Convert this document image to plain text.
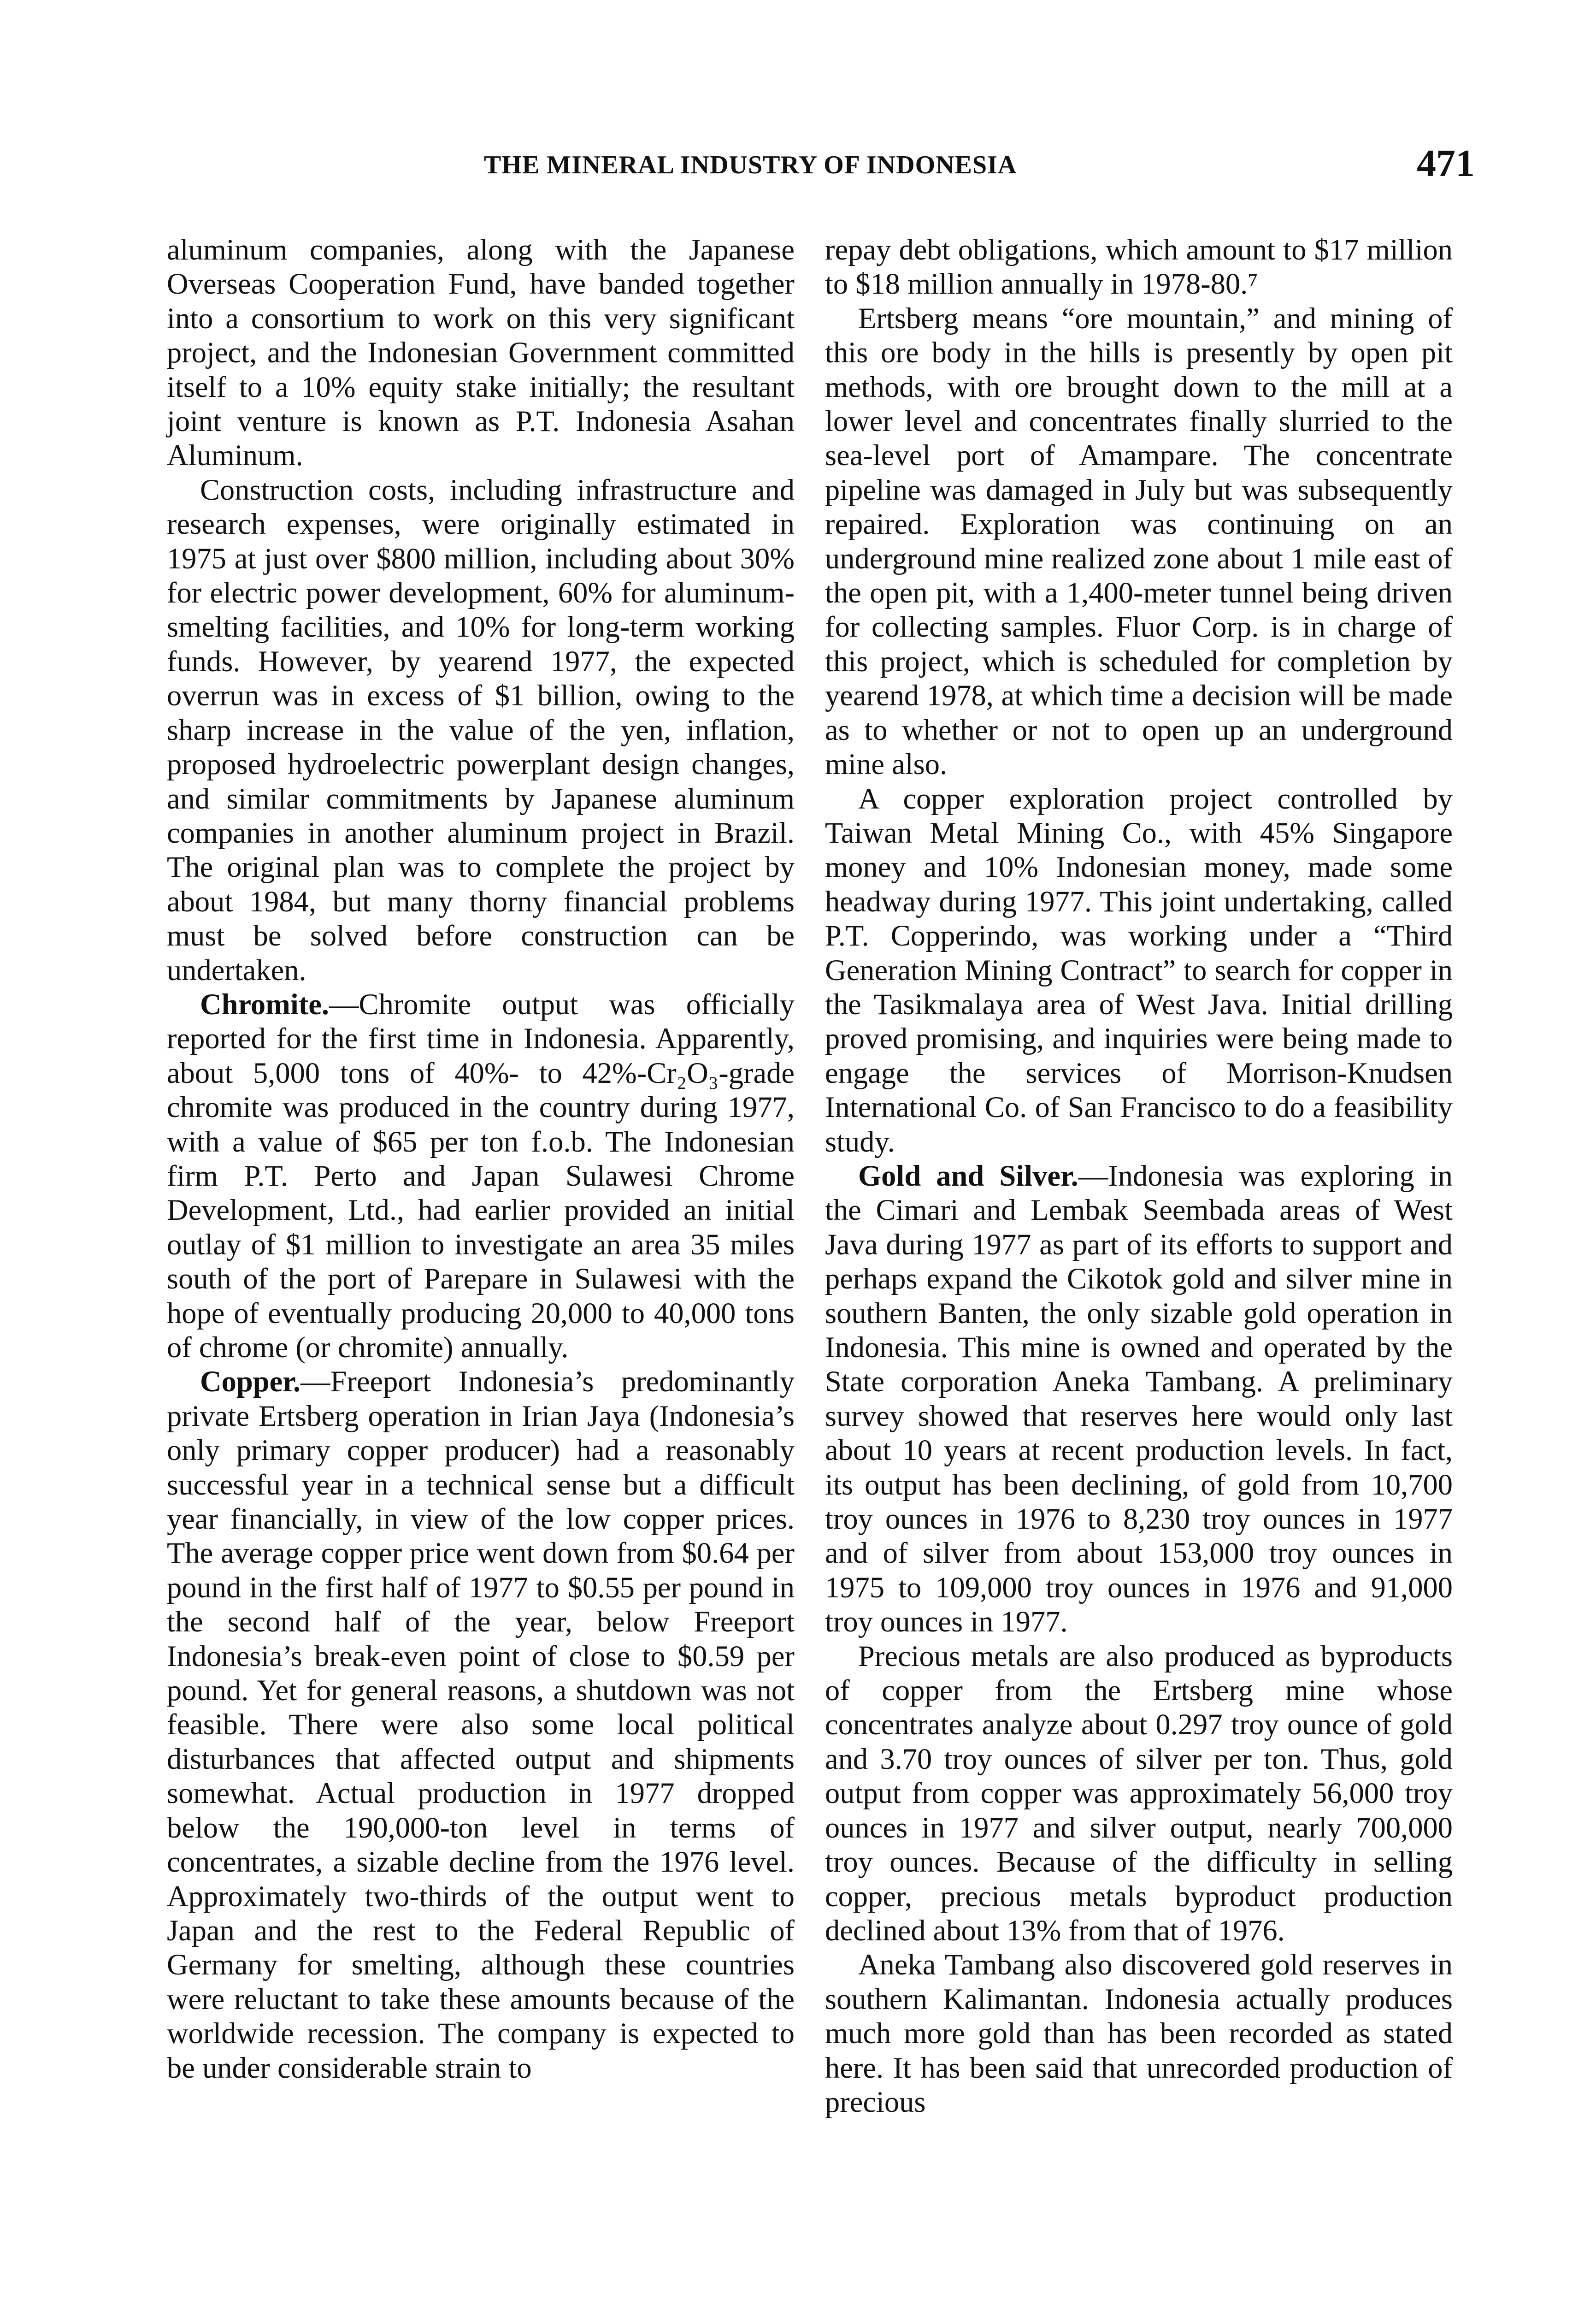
THE MINERAL INDUSTRY OF INDONESIA	471

aluminum companies, along with the Japanese Overseas Cooperation Fund, have banded together into a consortium to work on this very significant project, and the Indonesian Government committed itself to a 10% equity stake initially; the resultant joint venture is known as P.T. Indonesia Asahan Aluminum.

Construction costs, including infrastructure and research expenses, were originally estimated in 1975 at just over $800 million, including about 30% for electric power development, 60% for aluminum-smelting facilities, and 10% for long-term working funds. However, by yearend 1977, the expected overrun was in excess of $1 billion, owing to the sharp increase in the value of the yen, inflation, proposed hydroelectric powerplant design changes, and similar commitments by Japanese aluminum companies in another aluminum project in Brazil. The original plan was to complete the project by about 1984, but many thorny financial problems must be solved before construction can be undertaken.

Chromite.—Chromite output was officially reported for the first time in Indonesia. Apparently, about 5,000 tons of 40%- to 42%-Cr₂O₃-grade chromite was produced in the country during 1977, with a value of $65 per ton f.o.b. The Indonesian firm P.T. Perto and Japan Sulawesi Chrome Development, Ltd., had earlier provided an initial outlay of $1 million to investigate an area 35 miles south of the port of Parepare in Sulawesi with the hope of eventually producing 20,000 to 40,000 tons of chrome (or chromite) annually.

Copper.—Freeport Indonesia’s predominantly private Ertsberg operation in Irian Jaya (Indonesia’s only primary copper producer) had a reasonably successful year in a technical sense but a difficult year financially, in view of the low copper prices. The average copper price went down from $0.64 per pound in the first half of 1977 to $0.55 per pound in the second half of the year, below Freeport Indonesia’s break-even point of close to $0.59 per pound. Yet for general reasons, a shutdown was not feasible. There were also some local political disturbances that affected output and shipments somewhat. Actual production in 1977 dropped below the 190,000-ton level in terms of concentrates, a sizable decline from the 1976 level. Approximately two-thirds of the output went to Japan and the rest to the Federal Republic of Germany for smelting, although these countries were reluctant to take these amounts because of the worldwide recession. The company is expected to be under considerable strain to

repay debt obligations, which amount to $17 million to $18 million annually in 1978-80.⁷

Ertsberg means “ore mountain,” and mining of this ore body in the hills is presently by open pit methods, with ore brought down to the mill at a lower level and concentrates finally slurried to the sea-level port of Amampare. The concentrate pipeline was damaged in July but was subsequently repaired. Exploration was continuing on an underground mine realized zone about 1 mile east of the open pit, with a 1,400-meter tunnel being driven for collecting samples. Fluor Corp. is in charge of this project, which is scheduled for completion by yearend 1978, at which time a decision will be made as to whether or not to open up an underground mine also.

A copper exploration project controlled by Taiwan Metal Mining Co., with 45% Singapore money and 10% Indonesian money, made some headway during 1977. This joint undertaking, called P.T. Copperindo, was working under a “Third Generation Mining Contract” to search for copper in the Tasikmalaya area of West Java. Initial drilling proved promising, and inquiries were being made to engage the services of Morrison-Knudsen International Co. of San Francisco to do a feasibility study.

Gold and Silver.—Indonesia was exploring in the Cimari and Lembak Seembada areas of West Java during 1977 as part of its efforts to support and perhaps expand the Cikotok gold and silver mine in southern Banten, the only sizable gold operation in Indonesia. This mine is owned and operated by the State corporation Aneka Tambang. A preliminary survey showed that reserves here would only last about 10 years at recent production levels. In fact, its output has been declining, of gold from 10,700 troy ounces in 1976 to 8,230 troy ounces in 1977 and of silver from about 153,000 troy ounces in 1975 to 109,000 troy ounces in 1976 and 91,000 troy ounces in 1977.

Precious metals are also produced as byproducts of copper from the Ertsberg mine whose concentrates analyze about 0.297 troy ounce of gold and 3.70 troy ounces of silver per ton. Thus, gold output from copper was approximately 56,000 troy ounces in 1977 and silver output, nearly 700,000 troy ounces. Because of the difficulty in selling copper, precious metals byproduct production declined about 13% from that of 1976.

Aneka Tambang also discovered gold reserves in southern Kalimantan. Indonesia actually produces much more gold than has been recorded as stated here. It has been said that unrecorded production of precious
